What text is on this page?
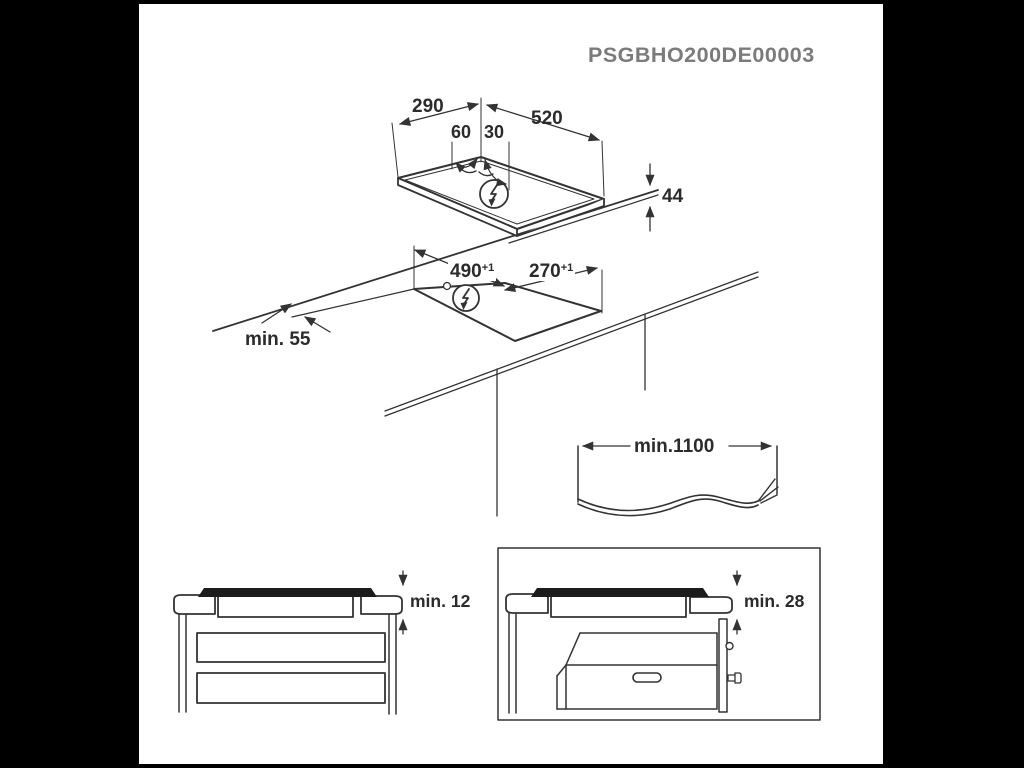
PSGBHO200DE00003
290
520
60 30
44
$490^{+1}$ $270^{+1}$
min. 55
min.1100
min. 12	min. 28
